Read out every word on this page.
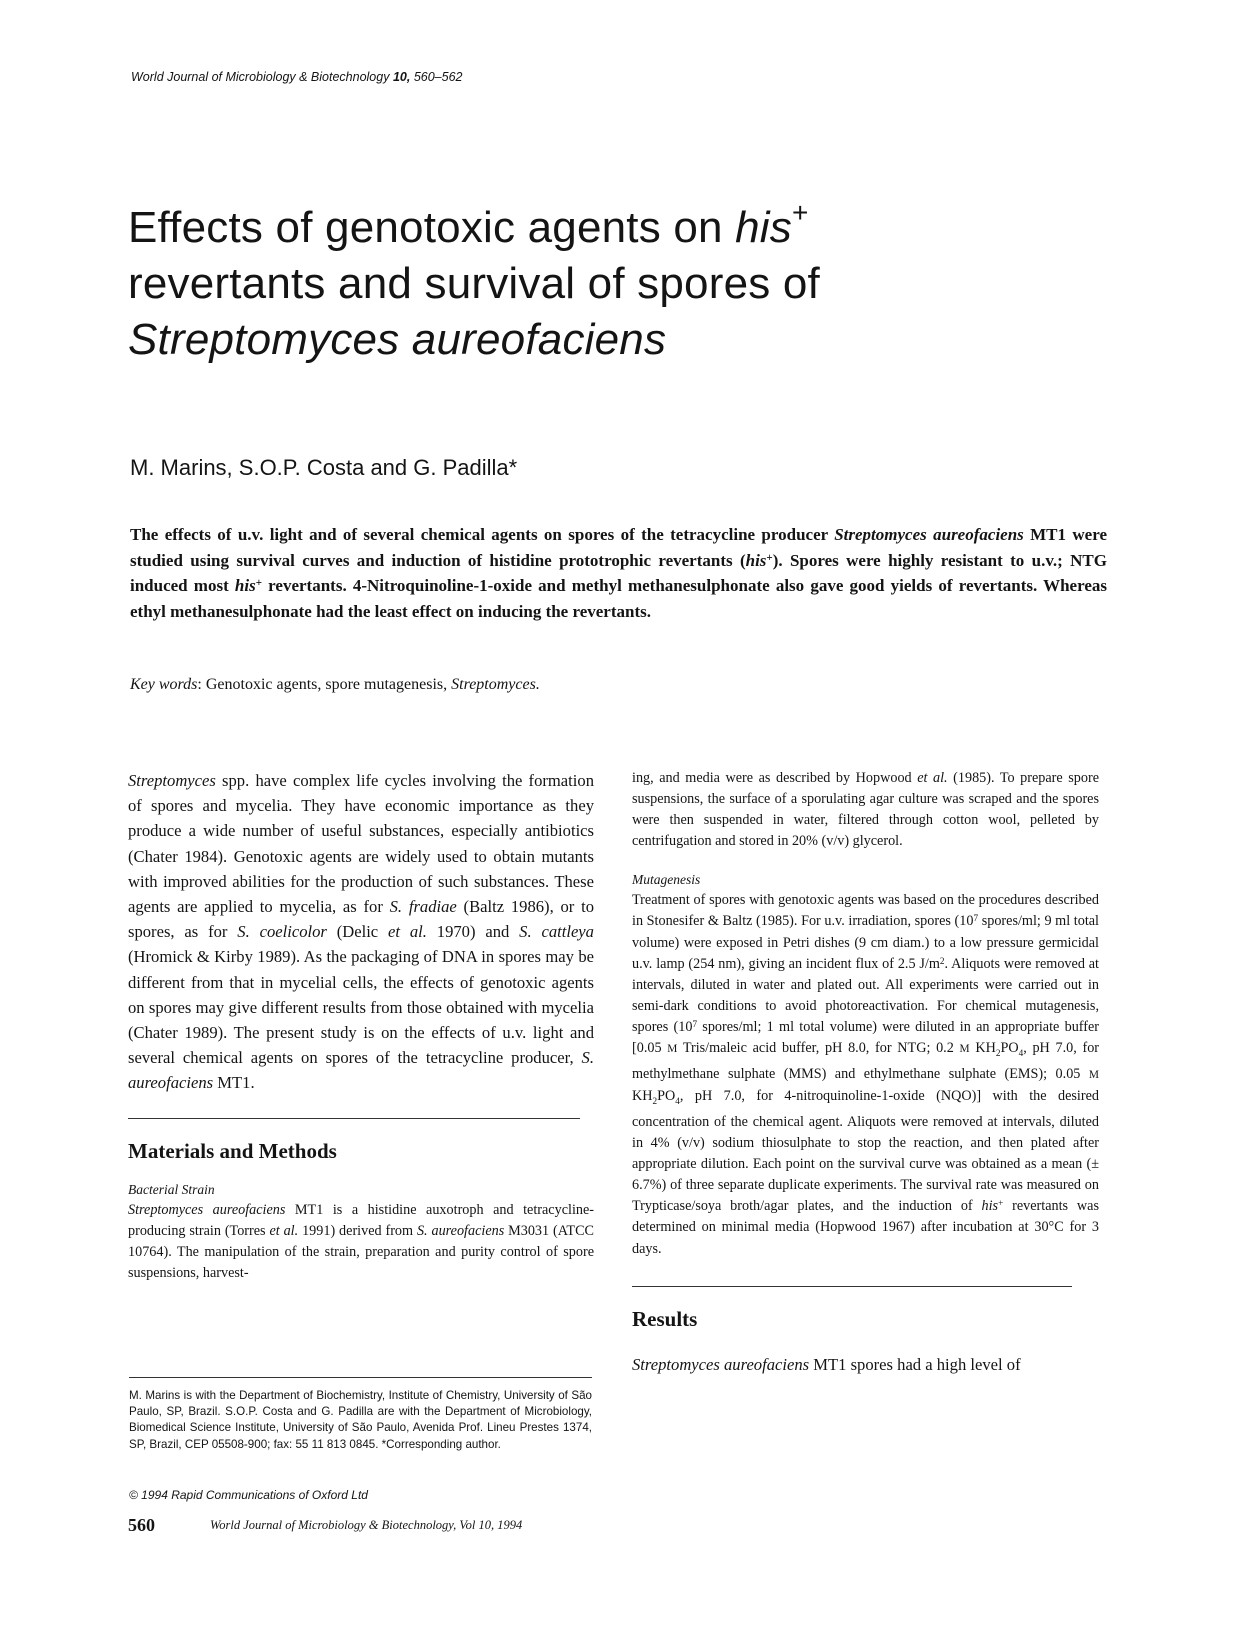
World Journal of Microbiology & Biotechnology 10, 560–562
Effects of genotoxic agents on his+
revertants and survival of spores of
Streptomyces aureofaciens
M. Marins, S.O.P. Costa and G. Padilla*
The effects of u.v. light and of several chemical agents on spores of the tetracycline producer Streptomyces aureofaciens MT1 were studied using survival curves and induction of histidine prototrophic revertants (his+). Spores were highly resistant to u.v.; NTG induced most his+ revertants. 4-Nitroquinoline-1-oxide and methyl methanesulphonate also gave good yields of revertants. Whereas ethyl methanesulphonate had the least effect on inducing the revertants.
Key words: Genotoxic agents, spore mutagenesis, Streptomyces.

Streptomyces spp. have complex life cycles involving the formation of spores and mycelia. They have economic importance as they produce a wide number of useful substances, especially antibiotics (Chater 1984). Genotoxic agents are widely used to obtain mutants with improved abilities for the production of such substances. These agents are applied to mycelia, as for S. fradiae (Baltz 1986), or to spores, as for S. coelicolor (Delic et al. 1970) and S. cattleya (Hromick & Kirby 1989). As the packaging of DNA in spores may be different from that in mycelial cells, the effects of genotoxic agents on spores may give different results from those obtained with mycelia (Chater 1989). The present study is on the effects of u.v. light and several chemical agents on spores of the tetracycline producer, S. aureofaciens MT1.

Materials and Methods
Bacterial Strain

Streptomyces aureofaciens MT1 is a histidine auxotroph and tetracycline-producing strain (Torres et al. 1991) derived from S. aureofaciens M3031 (ATCC 10764). The manipulation of the strain, preparation and purity control of spore suspensions, harvest-

M. Marins is with the Department of Biochemistry, Institute of Chemistry, University of São Paulo, SP, Brazil. S.O.P. Costa and G. Padilla are with the Department of Microbiology, Biomedical Science Institute, University of São Paulo, Avenida Prof. Lineu Prestes 1374, SP, Brazil, CEP 05508-900; fax: 55 11 813 0845. *Corresponding author.
© 1994 Rapid Communications of Oxford Ltd
560	World Journal of Microbiology & Biotechnology, Vol 10, 1994

ing, and media were as described by Hopwood et al. (1985). To prepare spore suspensions, the surface of a sporulating agar culture was scraped and the spores were then suspended in water, filtered through cotton wool, pelleted by centrifugation and stored in 20% (v/v) glycerol.

Mutagenesis

Treatment of spores with genotoxic agents was based on the procedures described in Stonesifer & Baltz (1985). For u.v. irradiation, spores ($10^7$ spores/ml; 9 ml total volume) were exposed in Petri dishes (9 cm diam.) to a low pressure germicidal u.v. lamp (254 nm), giving an incident flux of 2.5 $J/m^2$. Aliquots were removed at intervals, diluted in water and plated out. All experiments were carried out in semi-dark conditions to avoid photoreactivation. For chemical mutagenesis, spores ($10^7$ spores/ml; 1 ml total volume) were diluted in an appropriate buffer [0.05 M Tris/maleic acid buffer, pH 8.0, for NTG; 0.2 M $KH_2PO_4$, pH 7.0, for methylmethane sulphate (MMS) and ethylmethane sulphate (EMS); 0.05 M $KH_2PO_4$, pH 7.0, for 4-nitroquinoline-1-oxide (NQO)] with the desired concentration of the chemical agent. Aliquots were removed at intervals, diluted in 4% (v/v) sodium thiosulphate to stop the reaction, and then plated after appropriate dilution. Each point on the survival curve was obtained as a mean (± 6.7%) of three separate duplicate experiments. The survival rate was measured on Trypticase/soya broth/agar plates, and the induction of his+ revertants was determined on minimal media (Hopwood 1967) after incubation at 30°C for 3 days.

Results

Streptomyces aureofaciens MT1 spores had a high level of
